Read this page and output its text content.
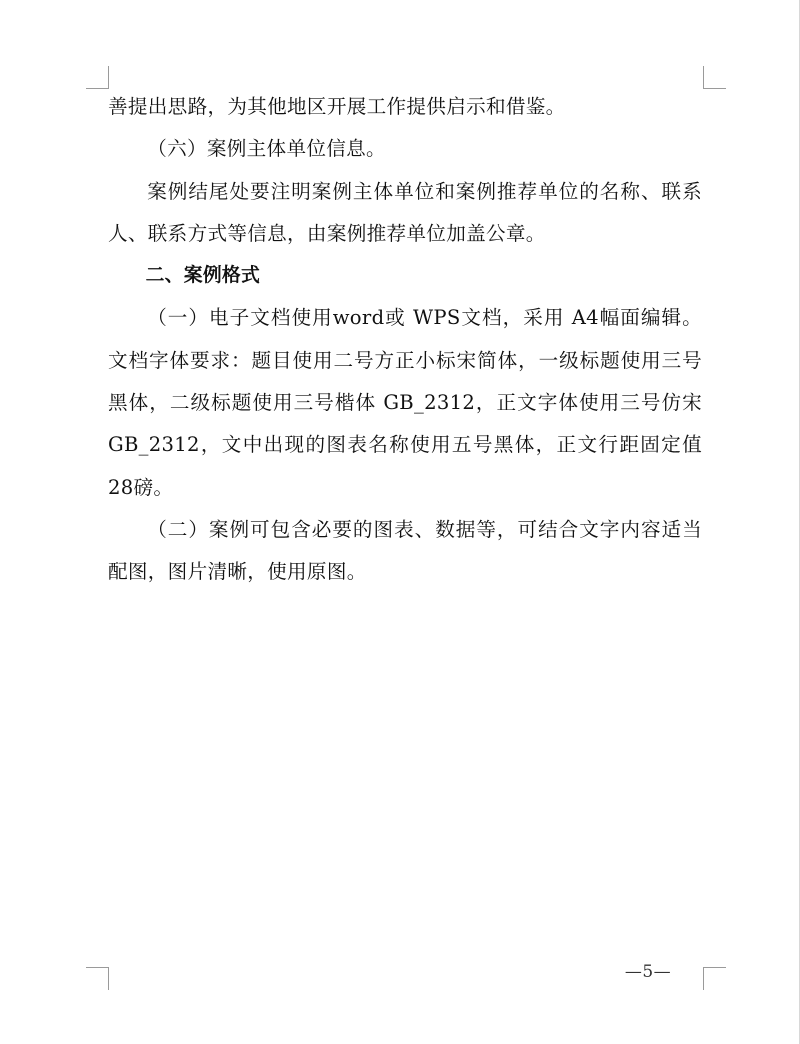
善提出思路，为其他地区开展工作提供启示和借鉴。

（六）案例主体单位信息。

案例结尾处要注明案例主体单位和案例推荐单位的名称、联系人、联系方式等信息，由案例推荐单位加盖公章。

二、案例格式

（一）电子文档使用word或 WPS文档，采用 A4幅面编辑。文档字体要求：题目使用二号方正小标宋简体，一级标题使用三号黑体，二级标题使用三号楷体 GB_2312，正文字体使用三号仿宋 GB_2312，文中出现的图表名称使用五号黑体，正文行距固定值 28磅。

（二）案例可包含必要的图表、数据等，可结合文字内容适当配图，图片清晰，使用原图。

—5—
